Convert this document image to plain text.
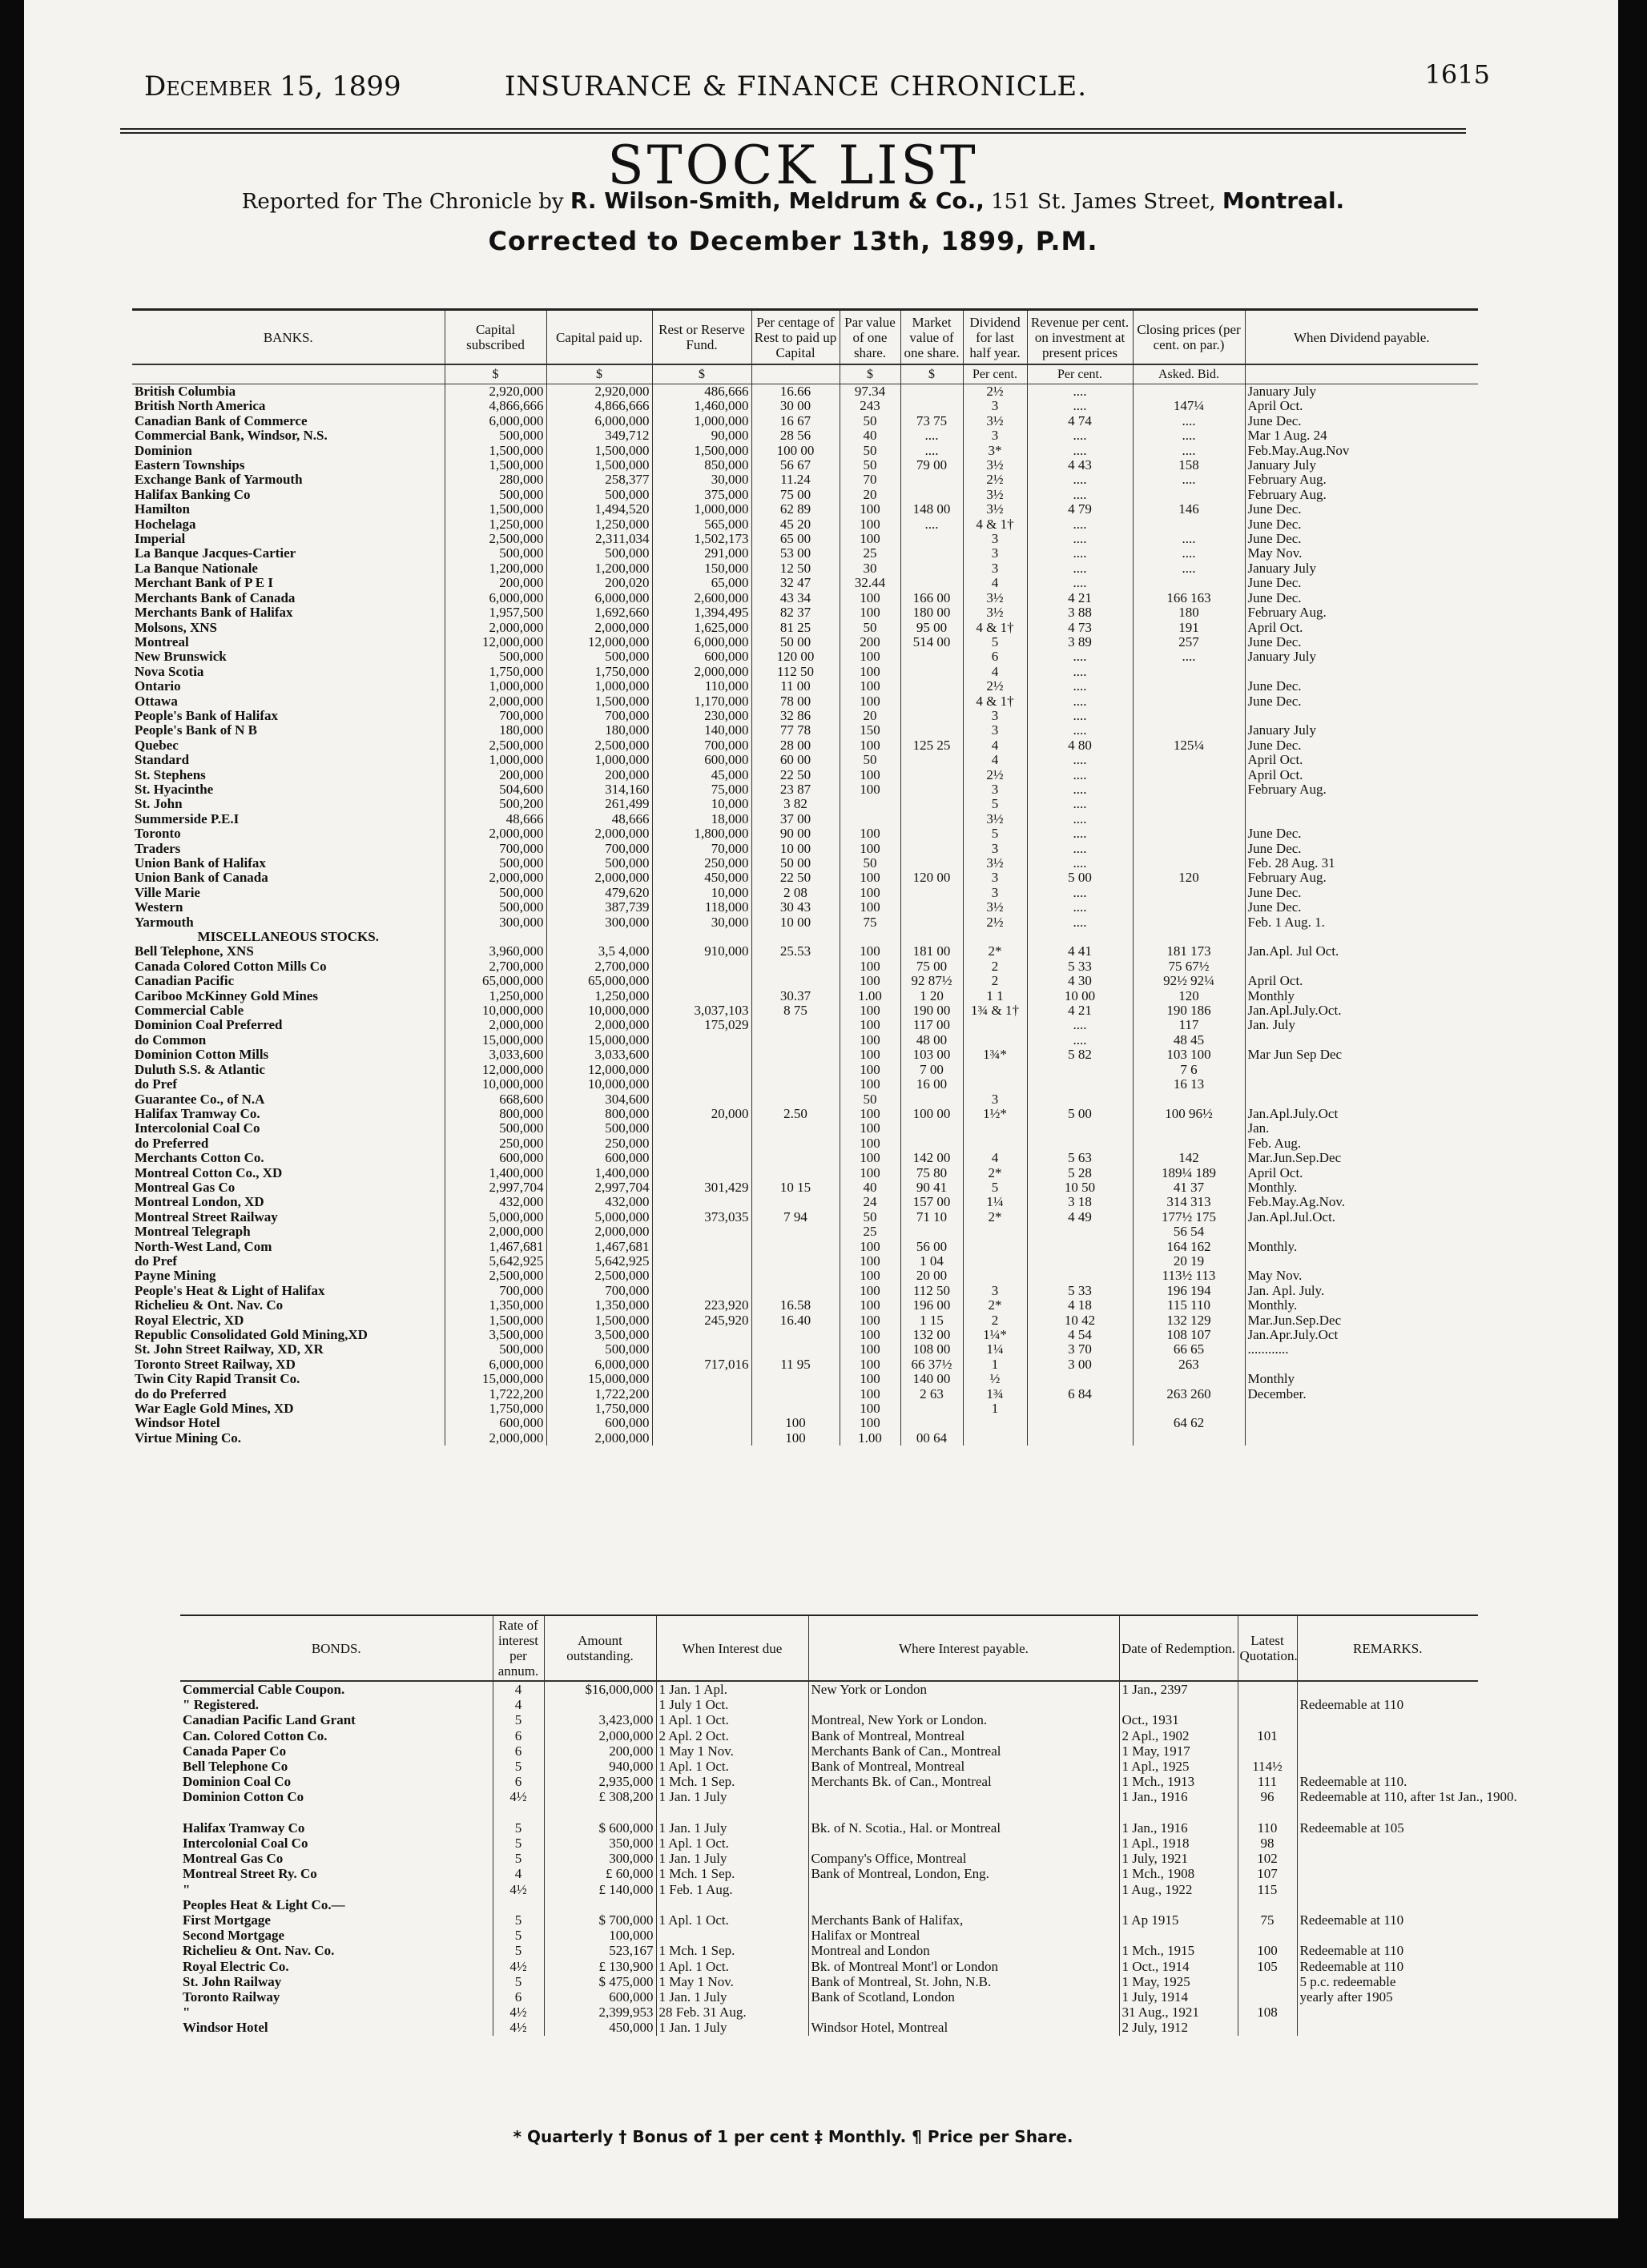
December 15, 1899	INSURANCE & FINANCE CHRONICLE.	1615
STOCK LIST
Reported for The Chronicle by R. Wilson-Smith, Meldrum & Co., 151 St. James Street, Montreal.
Corrected to December 13th, 1899, P.M.
BANKS.	Capital subscribed	Capital paid up.	Rest or Reserve Fund.	Per centage of Rest to paid up Capital	Par value of one share.	Market value of one share.	Dividend for last half year.	Revenue per cent. on investment at present prices	Closing prices (per cent. on par.)	When Dividend payable.
	$	$	$		$	$	Per cent.	Per cent.	Asked. Bid.	
British Columbia	2,920,000	2,920,000	486,666	16.66	97.34		2½	....		January July
British North America	4,866,666	4,866,666	1,460,000	30 00	243		3	....	147¼	April Oct.
Canadian Bank of Commerce	6,000,000	6,000,000	1,000,000	16 67	50	73 75	3½	4 74	....	June Dec.
Commercial Bank, Windsor, N.S.	500,000	349,712	90,000	28 56	40	....	3	....	....	Mar 1 Aug. 24
Dominion	1,500,000	1,500,000	1,500,000	100 00	50	....	3*	....	....	Feb.May.Aug.Nov
Eastern Townships	1,500,000	1,500,000	850,000	56 67	50	79 00	3½	4 43	158	January July
Exchange Bank of Yarmouth	280,000	258,377	30,000	11.24	70		2½	....	....	February Aug.
Halifax Banking Co	500,000	500,000	375,000	75 00	20		3½	....		February Aug.
Hamilton	1,500,000	1,494,520	1,000,000	62 89	100	148 00	3½	4 79	146	June Dec.
Hochelaga	1,250,000	1,250,000	565,000	45 20	100	....	4 & 1†	....		June Dec.
Imperial	2,500,000	2,311,034	1,502,173	65 00	100		3	....	....	June Dec.
La Banque Jacques-Cartier	500,000	500,000	291,000	53 00	25		3	....	....	May Nov.
La Banque Nationale	1,200,000	1,200,000	150,000	12 50	30		3	....	....	January July
Merchant Bank of P E I	200,000	200,020	65,000	32 47	32.44		4	....		June Dec.
Merchants Bank of Canada	6,000,000	6,000,000	2,600,000	43 34	100	166 00	3½	4 21	166 163	June Dec.
Merchants Bank of Halifax	1,957,500	1,692,660	1,394,495	82 37	100	180 00	3½	3 88	180	February Aug.
Molsons, XNS	2,000,000	2,000,000	1,625,000	81 25	50	95 00	4 & 1†	4 73	191	April Oct.
Montreal	12,000,000	12,000,000	6,000,000	50 00	200	514 00	5	3 89	257	June Dec.
New Brunswick	500,000	500,000	600,000	120 00	100		6	....	....	January July
Nova Scotia	1,750,000	1,750,000	2,000,000	112 50	100		4	....		
Ontario	1,000,000	1,000,000	110,000	11 00	100		2½	....		June Dec.
Ottawa	2,000,000	1,500,000	1,170,000	78 00	100		4 & 1†	....		June Dec.
People's Bank of Halifax	700,000	700,000	230,000	32 86	20		3	....		
People's Bank of N B	180,000	180,000	140,000	77 78	150		3	....		January July
Quebec	2,500,000	2,500,000	700,000	28 00	100	125 25	4	4 80	125¼	June Dec.
Standard	1,000,000	1,000,000	600,000	60 00	50		4	....		April Oct.
St. Stephens	200,000	200,000	45,000	22 50	100		2½	....		April Oct.
St. Hyacinthe	504,600	314,160	75,000	23 87	100		3	....		February Aug.
St. John	500,200	261,499	10,000	3 82			5	....		
Summerside P.E.I	48,666	48,666	18,000	37 00			3½	....		
Toronto	2,000,000	2,000,000	1,800,000	90 00	100		5	....		June Dec.
Traders	700,000	700,000	70,000	10 00	100		3	....		June Dec.
Union Bank of Halifax	500,000	500,000	250,000	50 00	50		3½	....		Feb. 28 Aug. 31
Union Bank of Canada	2,000,000	2,000,000	450,000	22 50	100	120 00	3	5 00	120	February Aug.
Ville Marie	500,000	479,620	10,000	2 08	100		3	....		June Dec.
Western	500,000	387,739	118,000	30 43	100		3½	....		June Dec.
Yarmouth	300,000	300,000	30,000	10 00	75		2½	....		Feb. 1 Aug. 1.
MISCELLANEOUS STOCKS.										
Bell Telephone, XNS	3,960,000	3,5 4,000	910,000	25.53	100	181 00	2*	4 41	181 173	Jan.Apl. Jul Oct.
Canada Colored Cotton Mills Co	2,700,000	2,700,000			100	75 00	2	5 33	75 67½	
Canadian Pacific	65,000,000	65,000,000			100	92 87½	2	4 30	92½ 92¼	April Oct.
Cariboo McKinney Gold Mines	1,250,000	1,250,000		30.37	1.00	1 20	1 1	10 00	120	Monthly
Commercial Cable	10,000,000	10,000,000	3,037,103	8 75	100	190 00	1¾ & 1†	4 21	190 186	Jan.Apl.July.Oct.
Dominion Coal Preferred	2,000,000	2,000,000	175,029		100	117 00		....	117	Jan. July
do Common	15,000,000	15,000,000			100	48 00		....	48 45	
Dominion Cotton Mills	3,033,600	3,033,600			100	103 00	1¾*	5 82	103 100	Mar Jun Sep Dec
Duluth S.S. & Atlantic	12,000,000	12,000,000			100	7 00			7 6	
do Pref	10,000,000	10,000,000			100	16 00			16 13	
Guarantee Co., of N.A	668,600	304,600			50		3			
Halifax Tramway Co.	800,000	800,000	20,000	2.50	100	100 00	1½*	5 00	100 96½	Jan.Apl.July.Oct
Intercolonial Coal Co	500,000	500,000			100					Jan.
do Preferred	250,000	250,000			100					Feb. Aug.
Merchants Cotton Co.	600,000	600,000			100	142 00	4	5 63	142	Mar.Jun.Sep.Dec
Montreal Cotton Co., XD	1,400,000	1,400,000			100	75 80	2*	5 28	189¼ 189	April Oct.
Montreal Gas Co	2,997,704	2,997,704	301,429	10 15	40	90 41	5	10 50	41 37	Monthly.
Montreal London, XD	432,000	432,000			24	157 00	1¼	3 18	314 313	Feb.May.Ag.Nov.
Montreal Street Railway	5,000,000	5,000,000	373,035	7 94	50	71 10	2*	4 49	177½ 175	Jan.Apl.Jul.Oct.
Montreal Telegraph	2,000,000	2,000,000			25				56 54	
North-West Land, Com	1,467,681	1,467,681			100	56 00			164 162	Monthly.
do Pref	5,642,925	5,642,925			100	1 04			20 19	
Payne Mining	2,500,000	2,500,000			100	20 00			113½ 113	May Nov.
People's Heat & Light of Halifax	700,000	700,000			100	112 50	3	5 33	196 194	Jan. Apl. July.
Richelieu & Ont. Nav. Co	1,350,000	1,350,000	223,920	16.58	100	196 00	2*	4 18	115 110	Monthly.
Royal Electric, XD	1,500,000	1,500,000	245,920	16.40	100	1 15	2	10 42	132 129	Mar.Jun.Sep.Dec
Republic Consolidated Gold Mining,XD	3,500,000	3,500,000			100	132 00	1¼*	4 54	108 107	Jan.Apr.July.Oct
St. John Street Railway, XD, XR	500,000	500,000			100	108 00	1¼	3 70	66 65	............
Toronto Street Railway, XD	6,000,000	6,000,000	717,016	11 95	100	66 37½	1	3 00	263	
Twin City Rapid Transit Co.	15,000,000	15,000,000			100	140 00	½			Monthly
do do Preferred	1,722,200	1,722,200			100	2 63	1¾	6 84	263 260	December.
War Eagle Gold Mines, XD	1,750,000	1,750,000			100		1			
Windsor Hotel	600,000	600,000		100	100				64 62	
Virtue Mining Co.	2,000,000	2,000,000		100	1.00	00 64				
BONDS.	Rate of interest per annum.	Amount outstanding.	When Interest due	Where Interest payable.	Date of Redemption.	Latest Quotation.	REMARKS.
Commercial Cable Coupon.	4	$16,000,000	1 Jan. 1 Apl.	New York or London	1 Jan., 2397		
" Registered.	4		1 July 1 Oct.				Redeemable at 110
Canadian Pacific Land Grant	5	3,423,000	1 Apl. 1 Oct.	Montreal, New York or London.	Oct., 1931		
Can. Colored Cotton Co.	6	2,000,000	2 Apl. 2 Oct.	Bank of Montreal, Montreal	2 Apl., 1902	101	
Canada Paper Co	6	200,000	1 May 1 Nov.	Merchants Bank of Can., Montreal	1 May, 1917		
Bell Telephone Co	5	940,000	1 Apl. 1 Oct.	Bank of Montreal, Montreal	1 Apl., 1925	114½	
Dominion Coal Co	6	2,935,000	1 Mch. 1 Sep.	Merchants Bk. of Can., Montreal	1 Mch., 1913	111	Redeemable at 110.
Dominion Cotton Co	4½	£ 308,200	1 Jan. 1 July		1 Jan., 1916	96	Redeemable at 110, after 1st Jan., 1900.

Halifax Tramway Co	5	$ 600,000	1 Jan. 1 July	Bk. of N. Scotia., Hal. or Montreal	1 Jan., 1916	110	Redeemable at 105
Intercolonial Coal Co	5	350,000	1 Apl. 1 Oct.		1 Apl., 1918	98	
Montreal Gas Co	5	300,000	1 Jan. 1 July	Company's Office, Montreal	1 July, 1921	102	
Montreal Street Ry. Co	4	£ 60,000	1 Mch. 1 Sep.	Bank of Montreal, London, Eng.	1 Mch., 1908	107	
"	4½	£ 140,000	1 Feb. 1 Aug.		1 Aug., 1922	115	
Peoples Heat & Light Co.—							
First Mortgage	5	$ 700,000	1 Apl. 1 Oct.	Merchants Bank of Halifax,	1 Ap 1915	75	Redeemable at 110
Second Mortgage	5	100,000		Halifax or Montreal			
Richelieu & Ont. Nav. Co.	5	523,167	1 Mch. 1 Sep.	Montreal and London	1 Mch., 1915	100	Redeemable at 110
Royal Electric Co.	4½	£ 130,900	1 Apl. 1 Oct.	Bk. of Montreal Mont'l or London	1 Oct., 1914	105	Redeemable at 110
St. John Railway	5	$ 475,000	1 May 1 Nov.	Bank of Montreal, St. John, N.B.	1 May, 1925		5 p.c. redeemable
Toronto Railway	6	600,000	1 Jan. 1 July	Bank of Scotland, London	1 July, 1914		yearly after 1905
"	4½	2,399,953	28 Feb. 31 Aug.		31 Aug., 1921	108	
Windsor Hotel	4½	450,000	1 Jan. 1 July	Windsor Hotel, Montreal	2 July, 1912		
* Quarterly † Bonus of 1 per cent ‡ Monthly. ¶ Price per Share.
